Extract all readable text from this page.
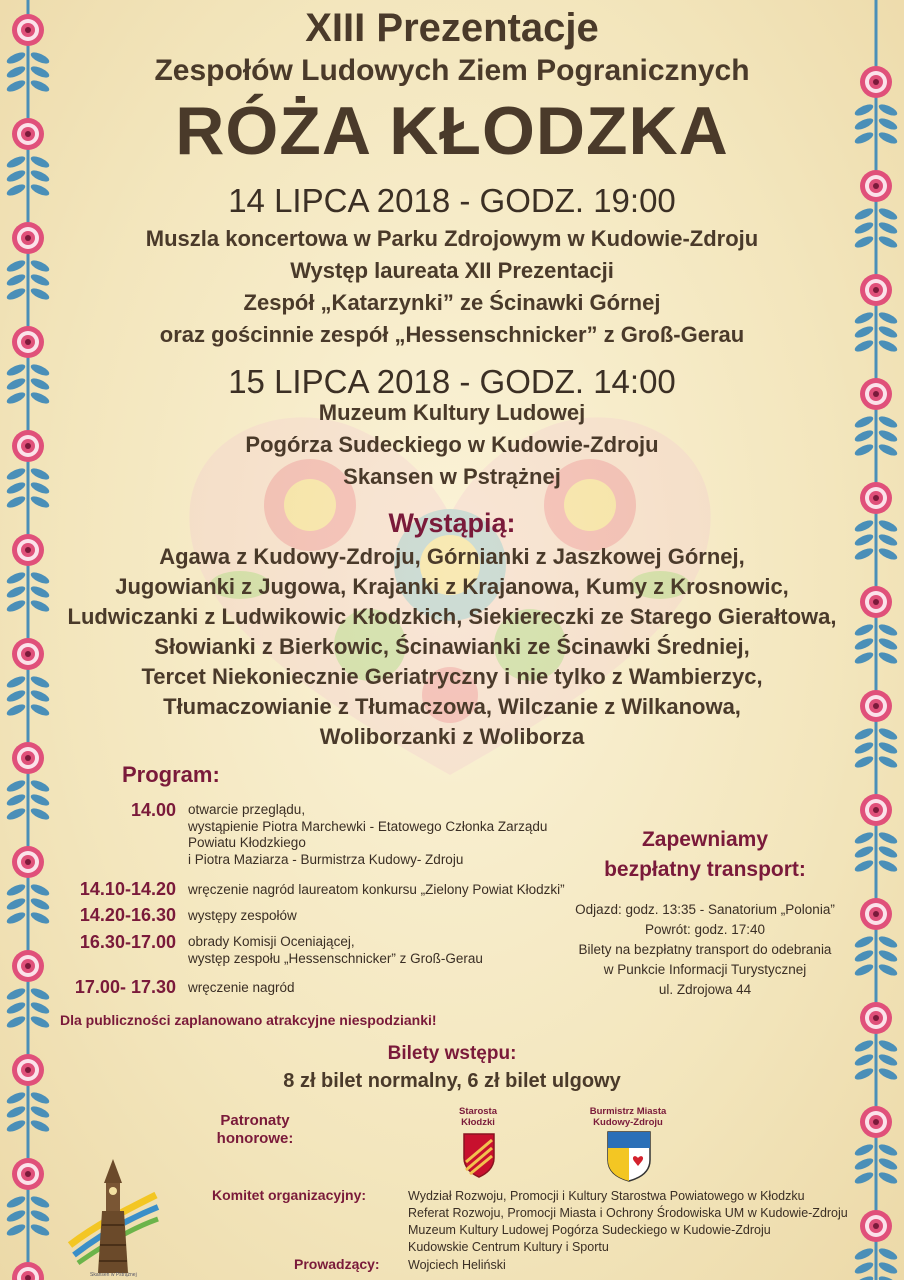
XIII Prezentacje
Zespołów Ludowych Ziem Pogranicznych
RÓŻA KŁODZKA
14 LIPCA 2018 - GODZ. 19:00
Muszla koncertowa w Parku Zdrojowym w Kudowie-Zdroju
Występ laureata XII Prezentacji
Zespół „Katarzynki” ze Ścinawki Górnej
oraz gościnnie zespół „Hessenschnicker” z Groß-Gerau
15 LIPCA 2018 - GODZ. 14:00
Muzeum Kultury Ludowej
Pogórza Sudeckiego w Kudowie-Zdroju
Skansen w Pstrążnej
Wystąpią:
Agawa z Kudowy-Zdroju, Górnianki z Jaszkowej Górnej,
Jugowianki z Jugowa, Krajanki z Krajanowa, Kumy z Krosnowic,
Ludwiczanki z Ludwikowic Kłodzkich, Siekiereczki ze Starego Gierałtowa,
Słowianki z Bierkowic, Ścinawianki ze Ścinawki Średniej,
Tercet Niekoniecznie Geriatryczny i nie tylko z Wambierzyc,
Tłumaczowianie z Tłumaczowa, Wilczanie z Wilkanowa,
Woliborzanki z Woliborza
Program:
14.00 otwarcie przeglądu,
wystąpienie Piotra Marchewki - Etatowego Członka Zarządu
Powiatu Kłodzkiego
i Piotra Maziarza - Burmistrza Kudowy- Zdroju
14.10-14.20 wręczenie nagród laureatom konkursu „Zielony Powiat Kłodzki”
14.20-16.30 występy zespołów
16.30-17.00 obrady Komisji Oceniającej,
występ zespołu „Hessenschnicker” z Groß-Gerau
17.00- 17.30 wręczenie nagród
Dla publiczności zaplanowano atrakcyjne niespodzianki!
Zapewniamy
bezpłatny transport:
Odjazd: godz. 13:35 - Sanatorium „Polonia”
Powrót: godz. 17:40
Bilety na bezpłatny transport do odebrania
w Punkcie Informacji Turystycznej
ul. Zdrojowa 44
Bilety wstępu:
8 zł bilet normalny, 6 zł bilet ulgowy
Patronaty
honorowe:
Starosta
Kłodzki
Burmistrz Miasta
Kudowy-Zdroju
Skansen w Pstrążnej
Komitet organizacyjny:	Wydział Rozwoju, Promocji i Kultury Starostwa Powiatowego w Kłodzku
Referat Rozwoju, Promocji Miasta i Ochrony Środowiska UM w Kudowie-Zdroju
Muzeum Kultury Ludowej Pogórza Sudeckiego w Kudowie-Zdroju
Kudowskie Centrum Kultury i Sportu
Prowadzący: Wojciech Heliński
